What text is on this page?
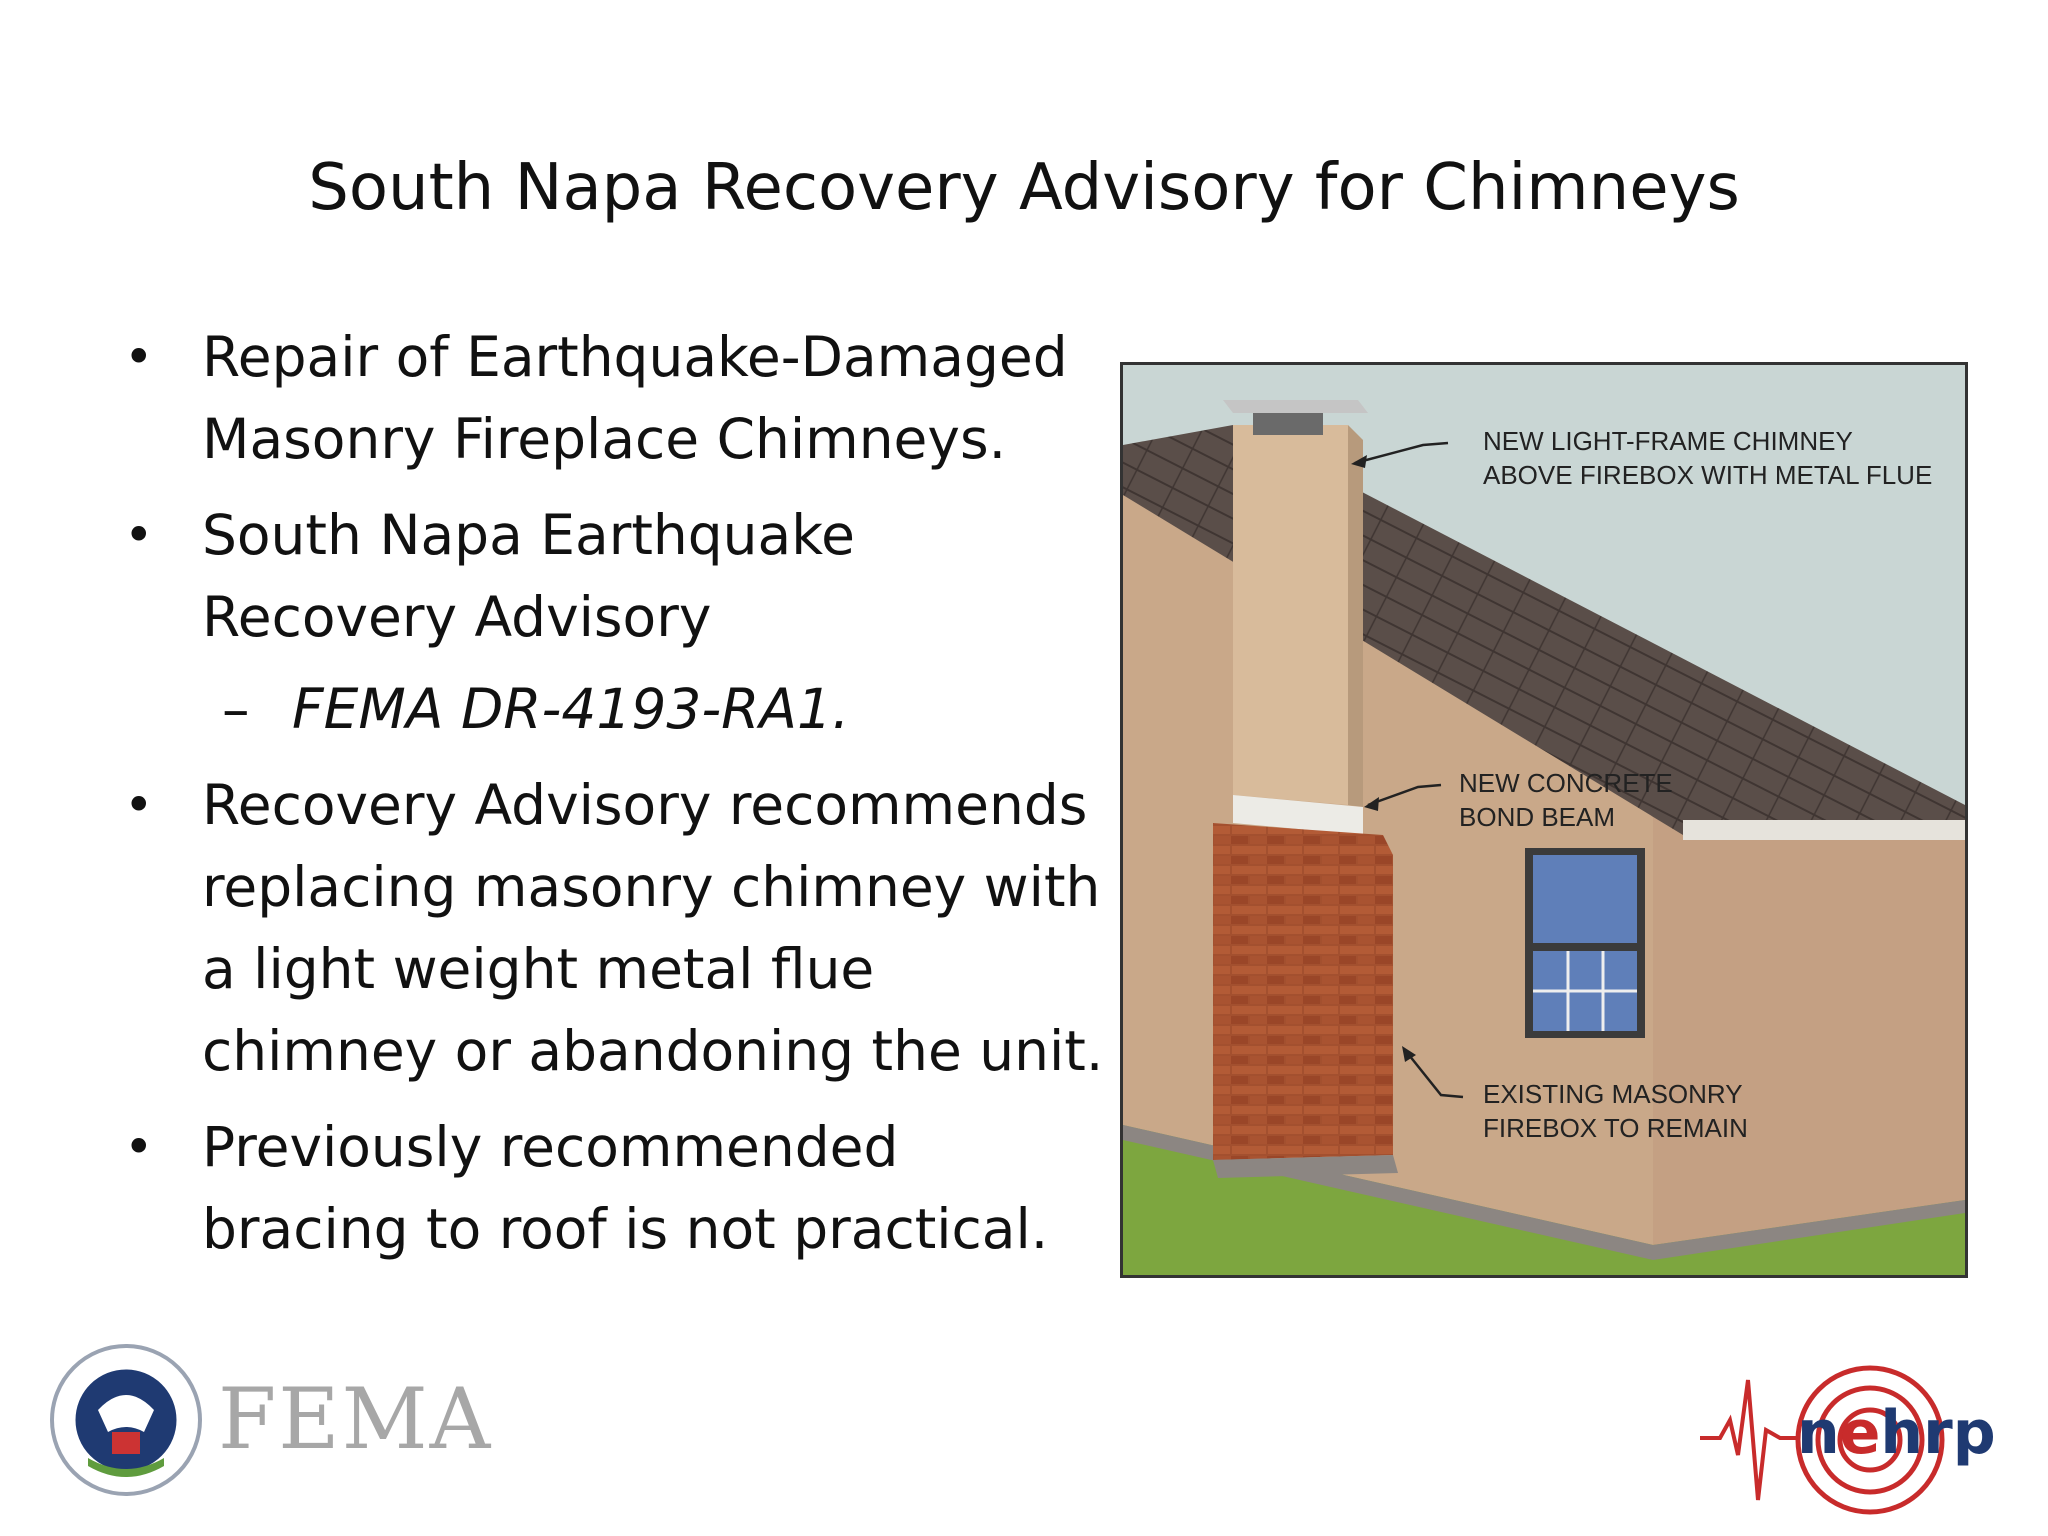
South Napa Recovery Advisory for Chimneys
• Repair of Earthquake-Damaged
Masonry Fireplace Chimneys.
• South Napa Earthquake
Recovery Advisory
– FEMA DR-4193-RA1.
• Recovery Advisory recommends
replacing masonry chimney with
a light weight metal flue
chimney or abandoning the unit.
• Previously recommended
bracing to roof is not practical.
NEW LIGHT-FRAME CHIMNEY
ABOVE FIREBOX WITH METAL FLUE
NEW CONCRETE
BOND BEAM
EXISTING MASONRY
FIREBOX TO REMAIN
FEMA	nehrp
